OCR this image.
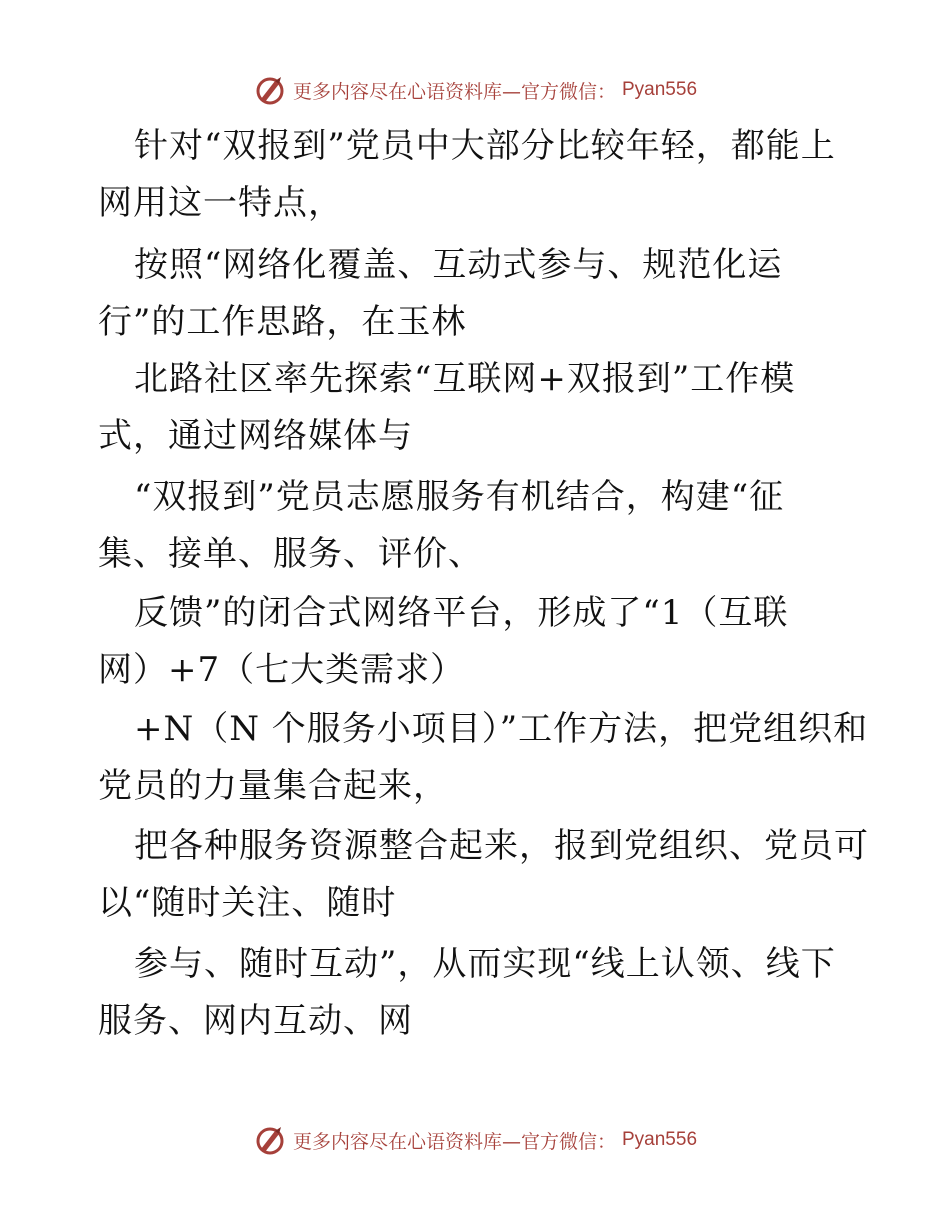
更多内容尽在心语资料库—官方微信： Pyan556
针对“双报到”党员中大部分比较年轻，都能上
网用这一特点，
按照“网络化覆盖、互动式参与、规范化运
行”的工作思路，在玉林
北路社区率先探索“互联网+双报到”工作模
式，通过网络媒体与
“双报到”党员志愿服务有机结合，构建“征
集、接单、服务、评价、
反馈”的闭合式网络平台，形成了“1（互联
网）+7（七大类需求）
+N（N 个服务小项目）”工作方法，把党组织和
党员的力量集合起来，
把各种服务资源整合起来，报到党组织、党员可
以“随时关注、随时
参与、随时互动”，从而实现“线上认领、线下
服务、网内互动、网
更多内容尽在心语资料库—官方微信： Pyan556
